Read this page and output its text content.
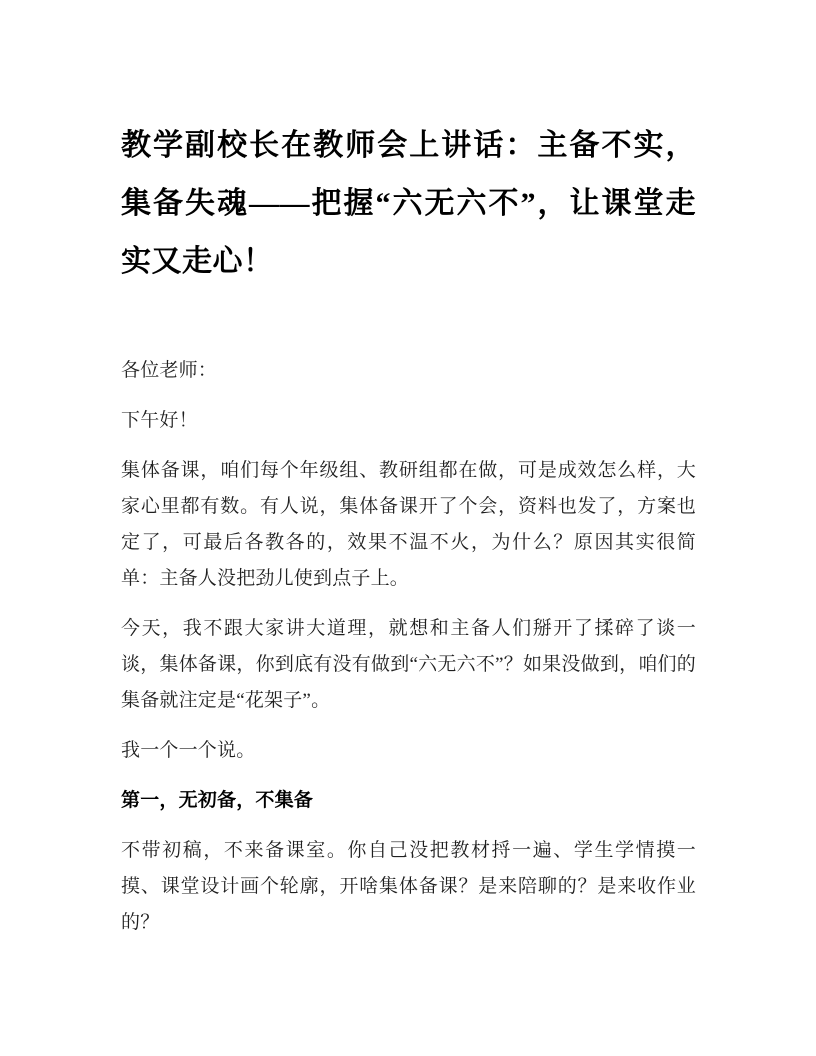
教学副校长在教师会上讲话：主备不实，集备失魂——把握“六无六不”，让课堂走实又走心！

各位老师：

下午好！

集体备课，咱们每个年级组、教研组都在做，可是成效怎么样，大家心里都有数。有人说，集体备课开了个会，资料也发了，方案也定了，可最后各教各的，效果不温不火，为什么？原因其实很简单：主备人没把劲儿使到点子上。

今天，我不跟大家讲大道理，就想和主备人们掰开了揉碎了谈一谈，集体备课，你到底有没有做到“六无六不”？如果没做到，咱们的集备就注定是“花架子”。

我一个一个说。

第一，无初备，不集备

不带初稿，不来备课室。你自己没把教材捋一遍、学生学情摸一摸、课堂设计画个轮廓，开啥集体备课？是来陪聊的？是来收作业的？
